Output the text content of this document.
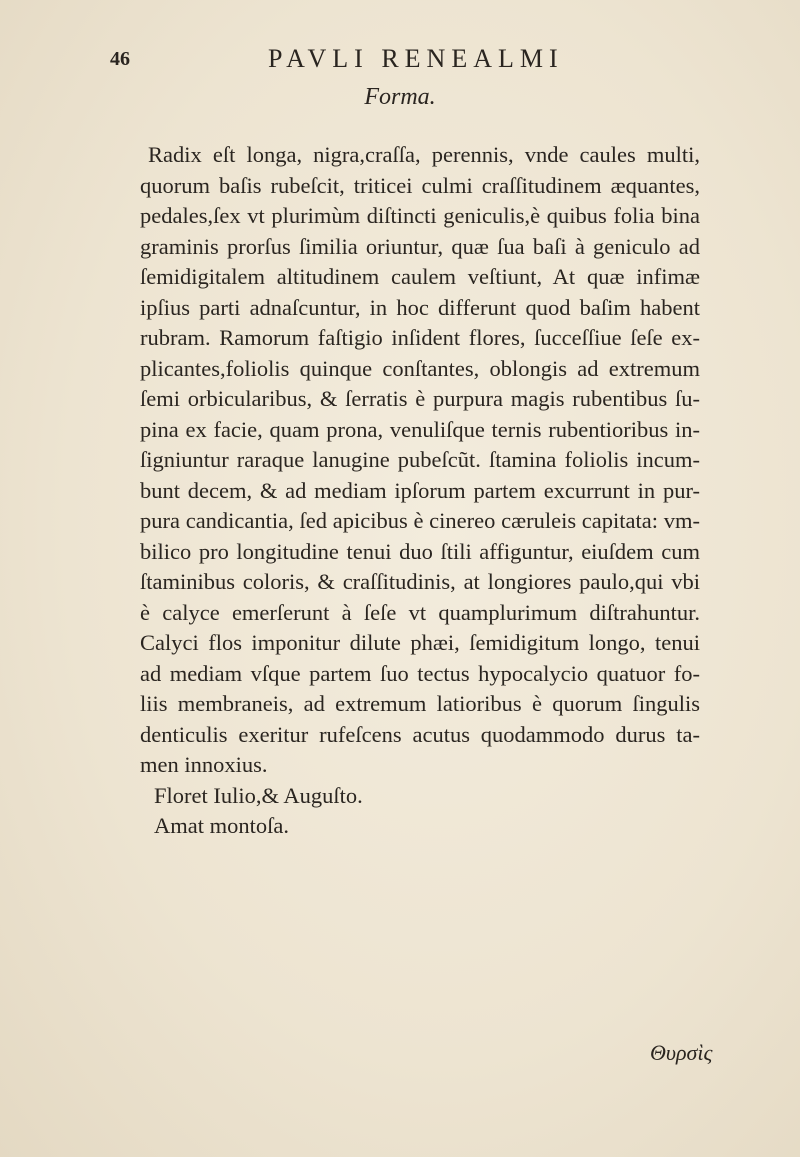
46	PAVLI RENEALMI
Forma.
Radix eſt longa, nigra,craſſa, perennis, vnde caules multi,
quorum baſis rubeſcit, triticei culmi craſſitudinem æquantes,
pedales,ſex vt plurimùm diſtincti geniculis,è quibus folia bina
graminis prorſus ſimilia oriuntur, quæ ſua baſi à geniculo ad
ſemidigitalem altitudinem caulem veſtiunt, At quæ infimæ
ipſius parti adnaſcuntur, in hoc differunt quod baſim habent
rubram. Ramorum faſtigio inſident flores, ſucceſſiue ſeſe ex-
plicantes,foliolis quinque conſtantes, oblongis ad extremum
ſemi orbicularibus, & ſerratis è purpura magis rubentibus ſu-
pina ex facie, quam prona, venuliſque ternis rubentioribus in-
ſigniuntur raraque lanugine pubeſcũt. ſtamina foliolis incum-
bunt decem, & ad mediam ipſorum partem excurrunt in pur-
pura candicantia, ſed apicibus è cinereo cæruleis capitata: vm-
bilico pro longitudine tenui duo ſtili affiguntur, eiuſdem cum
ſtaminibus coloris, & craſſitudinis, at longiores paulo,qui vbi
è calyce emerſerunt à ſeſe vt quamplurimum diſtrahuntur.
Calyci flos imponitur dilute phæi, ſemidigitum longo, tenui
ad mediam vſque partem ſuo tectus hypocalycio quatuor fo-
liis membraneis, ad extremum latioribus è quorum ſingulis
denticulis exeritur rufeſcens acutus quodammodo durus ta-
men innoxius.
Floret Iulio,& Auguſto.
Amat montoſa.
Θυρσὶς
